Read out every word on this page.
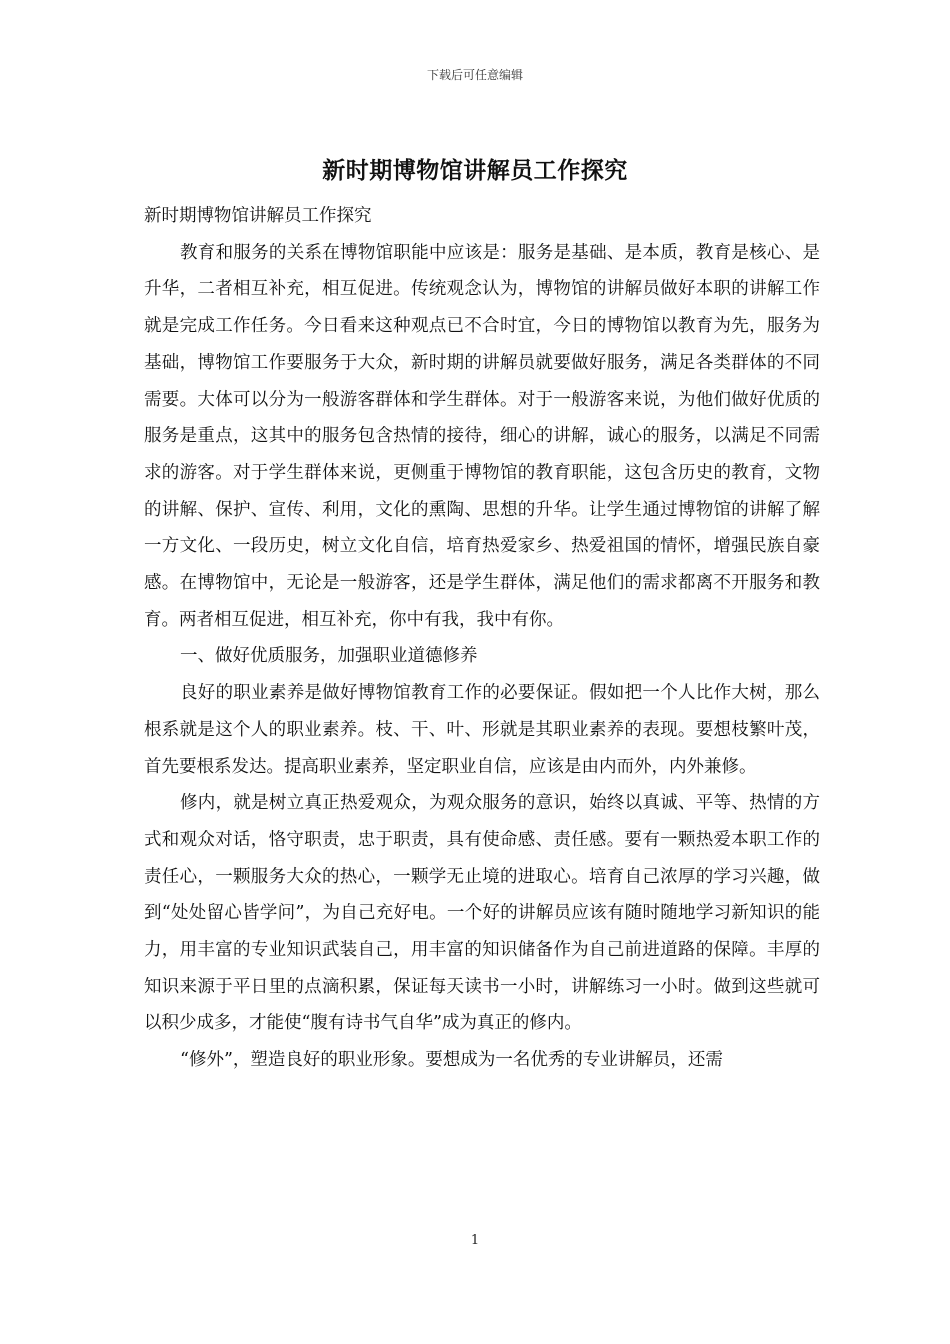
下载后可任意编辑
新时期博物馆讲解员工作探究

新时期博物馆讲解员工作探究

教育和服务的关系在博物馆职能中应该是：服务是基础、是本质，教育是核心、是升华，二者相互补充，相互促进。传统观念认为，博物馆的讲解员做好本职的讲解工作就是完成工作任务。今日看来这种观点已不合时宜，今日的博物馆以教育为先，服务为基础，博物馆工作要服务于大众，新时期的讲解员就要做好服务，满足各类群体的不同需要。大体可以分为一般游客群体和学生群体。对于一般游客来说，为他们做好优质的服务是重点，这其中的服务包含热情的接待，细心的讲解，诚心的服务，以满足不同需求的游客。对于学生群体来说，更侧重于博物馆的教育职能，这包含历史的教育，文物的讲解、保护、宣传、利用，文化的熏陶、思想的升华。让学生通过博物馆的讲解了解一方文化、一段历史，树立文化自信，培育热爱家乡、热爱祖国的情怀，增强民族自豪感。在博物馆中，无论是一般游客，还是学生群体，满足他们的需求都离不开服务和教育。两者相互促进，相互补充，你中有我，我中有你。

一、做好优质服务，加强职业道德修养

良好的职业素养是做好博物馆教育工作的必要保证。假如把一个人比作大树，那么根系就是这个人的职业素养。枝、干、叶、形就是其职业素养的表现。要想枝繁叶茂，首先要根系发达。提高职业素养，坚定职业自信，应该是由内而外，内外兼修。

修内，就是树立真正热爱观众，为观众服务的意识，始终以真诚、平等、热情的方式和观众对话，恪守职责，忠于职责，具有使命感、责任感。要有一颗热爱本职工作的责任心，一颗服务大众的热心，一颗学无止境的进取心。培育自己浓厚的学习兴趣，做到“处处留心皆学问”，为自己充好电。一个好的讲解员应该有随时随地学习新知识的能力，用丰富的专业知识武装自己，用丰富的知识储备作为自己前进道路的保障。丰厚的知识来源于平日里的点滴积累，保证每天读书一小时，讲解练习一小时。做到这些就可以积少成多，才能使“腹有诗书气自华”成为真正的修内。

“修外”，塑造良好的职业形象。要想成为一名优秀的专业讲解员，还需

1
